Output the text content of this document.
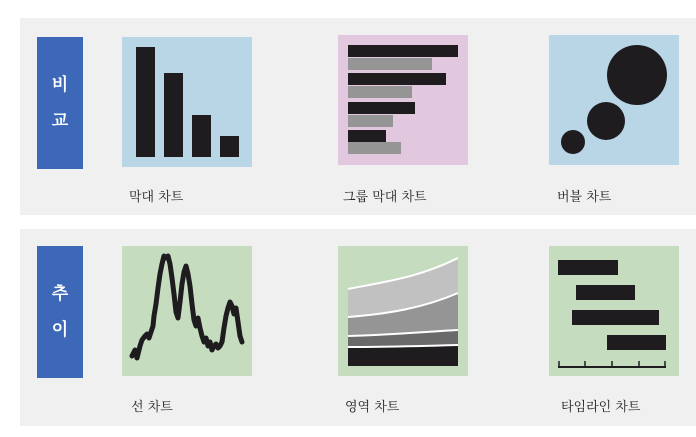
비
교
추
이
막대 차트	그룹 막대 차트	버블 차트
선 차트	영역 차트	타임라인 차트
